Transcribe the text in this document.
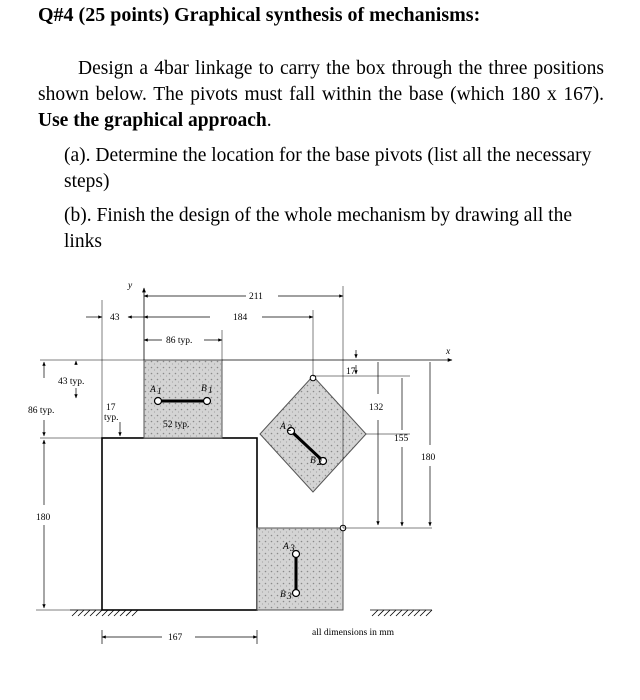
Q#4 (25 points) Graphical synthesis of mechanisms:
Design a 4bar linkage to carry the box through the three positions shown below. The pivots must fall within the base (which 180 x 167). Use the graphical approach.
(a). Determine the location for the base pivots (list all the necessary steps)
(b). Finish the design of the whole mechanism by drawing all the links
A 1	B 1
A 2
B 2
A 3
B 3
y
x
211
43	184
86 typ.
43 typ.
86 typ.	17
typ.
52 typ.
17
132
155
180
180
167	all dimensions in mm
